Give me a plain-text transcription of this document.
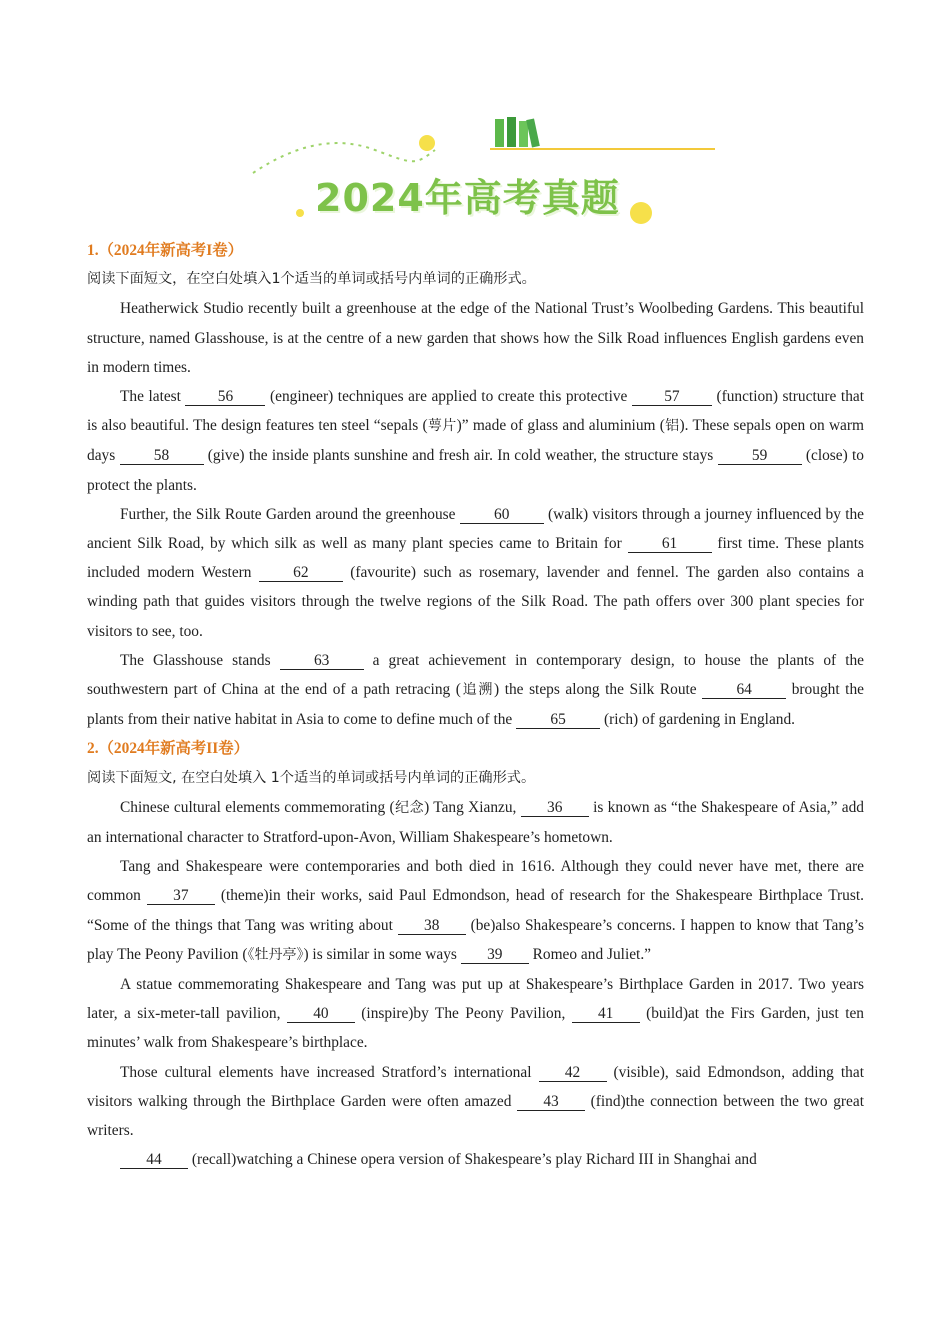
2024年高考真题

1.（2024年新高考I卷）

阅读下面短文，在空白处填入1个适当的单词或括号内单词的正确形式。

Heatherwick Studio recently built a greenhouse at the edge of the National Trust’s Woolbeding Gardens. This beautiful structure, named Glasshouse, is at the centre of a new garden that shows how the Silk Road influences English gardens even in modern times.

The latest 56 (engineer) techniques are applied to create this protective 57 (function) structure that is also beautiful. The design features ten steel “sepals (萼片)” made of glass and aluminium (铝). These sepals open on warm days 58 (give) the inside plants sunshine and fresh air. In cold weather, the structure stays 59 (close) to protect the plants.

Further, the Silk Route Garden around the greenhouse 60 (walk) visitors through a journey influenced by the ancient Silk Road, by which silk as well as many plant species came to Britain for 61 first time. These plants included modern Western 62 (favourite) such as rosemary, lavender and fennel. The garden also contains a winding path that guides visitors through the twelve regions of the Silk Road. The path offers over 300 plant species for visitors to see, too.

The Glasshouse stands 63 a great achievement in contemporary design, to house the plants of the southwestern part of China at the end of a path retracing (追溯) the steps along the Silk Route 64 brought the plants from their native habitat in Asia to come to define much of the 65 (rich) of gardening in England.

2.（2024年新高考II卷）

阅读下面短文, 在空白处填入 1个适当的单词或括号内单词的正确形式。

Chinese cultural elements commemorating (纪念) Tang Xianzu, 36 is known as “the Shakespeare of Asia,” add an international character to Stratford-upon-Avon, William Shakespeare’s hometown.

Tang and Shakespeare were contemporaries and both died in 1616. Although they could never have met, there are common 37 (theme)in their works, said Paul Edmondson, head of research for the Shakespeare Birthplace Trust. “Some of the things that Tang was writing about 38 (be)also Shakespeare’s concerns. I happen to know that Tang’s play The Peony Pavilion (《牡丹亭》) is similar in some ways 39 Romeo and Juliet.”

A statue commemorating Shakespeare and Tang was put up at Shakespeare’s Birthplace Garden in 2017. Two years later, a six-meter-tall pavilion, 40 (inspire)by The Peony Pavilion, 41 (build)at the Firs Garden, just ten minutes’ walk from Shakespeare’s birthplace.

Those cultural elements have increased Stratford’s international 42 (visible), said Edmondson, adding that visitors walking through the Birthplace Garden were often amazed 43 (find)the connection between the two great writers.

44 (recall)watching a Chinese opera version of Shakespeare’s play Richard III in Shanghai and
